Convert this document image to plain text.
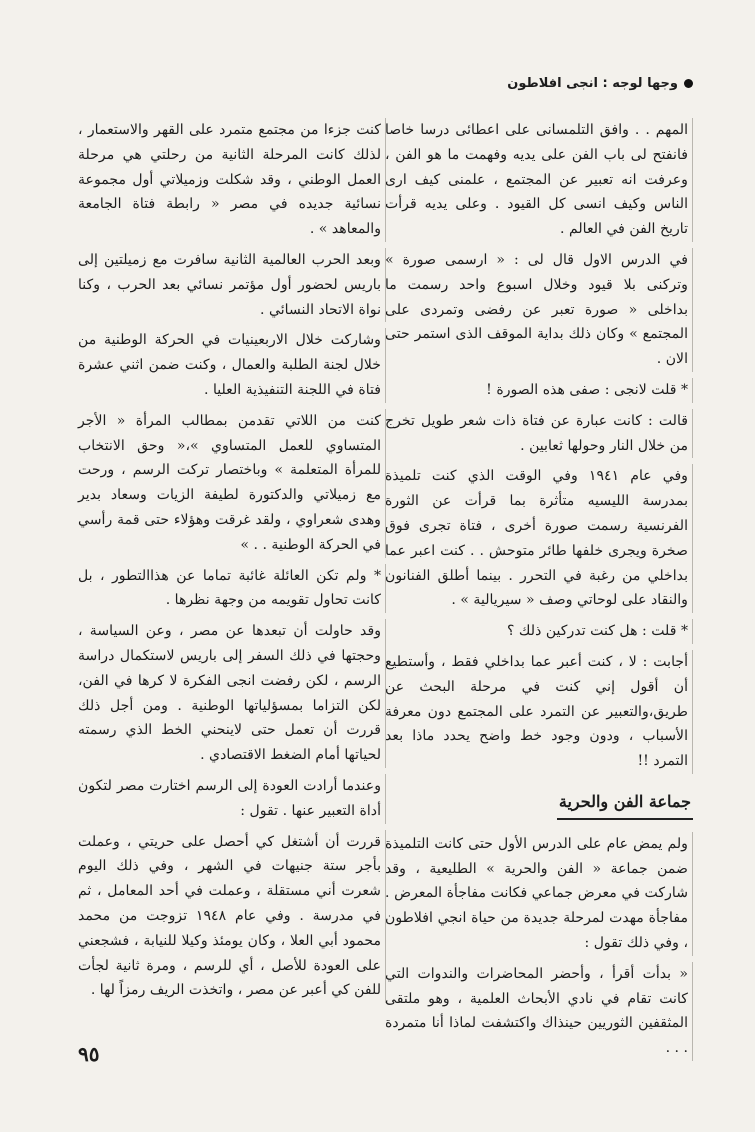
وجها لوجه : انجى افلاطون

المهم . . وافق التلمسانى على اعطائى درسا خاصا فانفتح لى باب الفن على يديه وفهمت ما هو الفن ، وعرفت انه تعبير عن المجتمع ، علمنى كيف ارى الناس وكيف انسى كل القيود . وعلى يديه قرأت تاريخ الفن في العالم .

في الدرس الاول قال لى : « ارسمى صورة » وتركنى بلا قيود وخلال اسبوع واحد رسمت ما بداخلى « صورة تعبر عن رفضى وتمردى على المجتمع » وكان ذلك بداية الموقف الذى استمر حتى الان .

* قلت لانجى : صفى هذه الصورة !

قالت : كانت عبارة عن فتاة ذات شعر طويل تخرج من خلال النار وحولها ثعابين .

وفي عام ١٩٤١ وفي الوقت الذي كنت تلميذة بمدرسة الليسيه متأثرة بما قرأت عن الثورة الفرنسية رسمت صورة أخرى ، فتاة تجرى فوق صخرة ويجرى خلفها طائر متوحش . . كنت اعبر عما بداخلي من رغبة في التحرر . بينما أطلق الفنانون والنقاد على لوحاتي وصف « سيريالية » .

* قلت : هل كنت تدركين ذلك ؟

أجابت : لا ، كنت أعبر عما بداخلي فقط ، وأستطيع أن أقول إني كنت في مرحلة البحث عن طريق،والتعبير عن التمرد على المجتمع دون معرفة الأسباب ، ودون وجود خط واضح يحدد ماذا بعد التمرد !!

جماعة الفن والحرية

ولم يمض عام على الدرس الأول حتى كانت التلميذة ضمن جماعة « الفن والحرية » الطليعية ، وقد شاركت في معرض جماعي فكانت مفاجأة المعرض . مفاجأة مهدت لمرحلة جديدة من حياة انجي افلاطون ، وفي ذلك تقول :

« بدأت أقرأ ، وأحضر المحاضرات والندوات التي كانت تقام في نادي الأبحاث العلمية ، وهو ملتقى المثقفين الثوريين حينذاك واكتشفت لماذا أنا متمردة . . .

كنت جزءا من مجتمع متمرد على القهر والاستعمار ، لذلك كانت المرحلة الثانية من رحلتي هي مرحلة العمل الوطني ، وقد شكلت وزميلاتي أول مجموعة نسائية جديده في مصر « رابطة فتاة الجامعة والمعاهد » .

وبعد الحرب العالمية الثانية سافرت مع زميلتين إلى باريس لحضور أول مؤتمر نسائي بعد الحرب ، وكنا نواة الاتحاد النسائي .

وشاركت خلال الاربعينيات في الحركة الوطنية من خلال لجنة الطلبة والعمال ، وكنت ضمن اثني عشرة فتاة في اللجنة التنفيذية العليا .

كنت من اللاتي تقدمن بمطالب المرأة « الأجر المتساوي للعمل المتساوي »،« وحق الانتخاب للمرأة المتعلمة » وباختصار تركت الرسم ، ورحت مع زميلاتي والدكتورة لطيفة الزيات وسعاد بدير وهدى شعراوي ، ولقد غرقت وهؤلاء حتى قمة رأسي في الحركة الوطنية . . »

* ولم تكن العائلة غائبة تماما عن هذاالتطور ، بل كانت تحاول تقويمه من وجهة نظرها .

وقد حاولت أن تبعدها عن مصر ، وعن السياسة ، وحجتها في ذلك السفر إلى باريس لاستكمال دراسة الرسم ، لكن رفضت انجى الفكرة لا كرها في الفن، لكن التزاما بمسؤلياتها الوطنية . ومن أجل ذلك قررت أن تعمل حتى لاينحني الخط الذي رسمته لحياتها أمام الضغط الاقتصادي .

وعندما أرادت العودة إلى الرسم اختارت مصر لتكون أداة التعبير عنها . تقول :

قررت أن أشتغل كي أحصل على حريتي ، وعملت بأجر ستة جنيهات في الشهر ، وفي ذلك اليوم شعرت أني مستقلة ، وعملت في أحد المعامل ، ثم في مدرسة . وفي عام ١٩٤٨ تزوجت من محمد محمود أبي العلا ، وكان يومئذ وكيلا للنيابة ، فشجعني على العودة للأصل ، أي للرسم ، ومرة ثانية لجأت للفن كي أعبر عن مصر ، واتخذت الريف رمزاً لها .

٩٥
